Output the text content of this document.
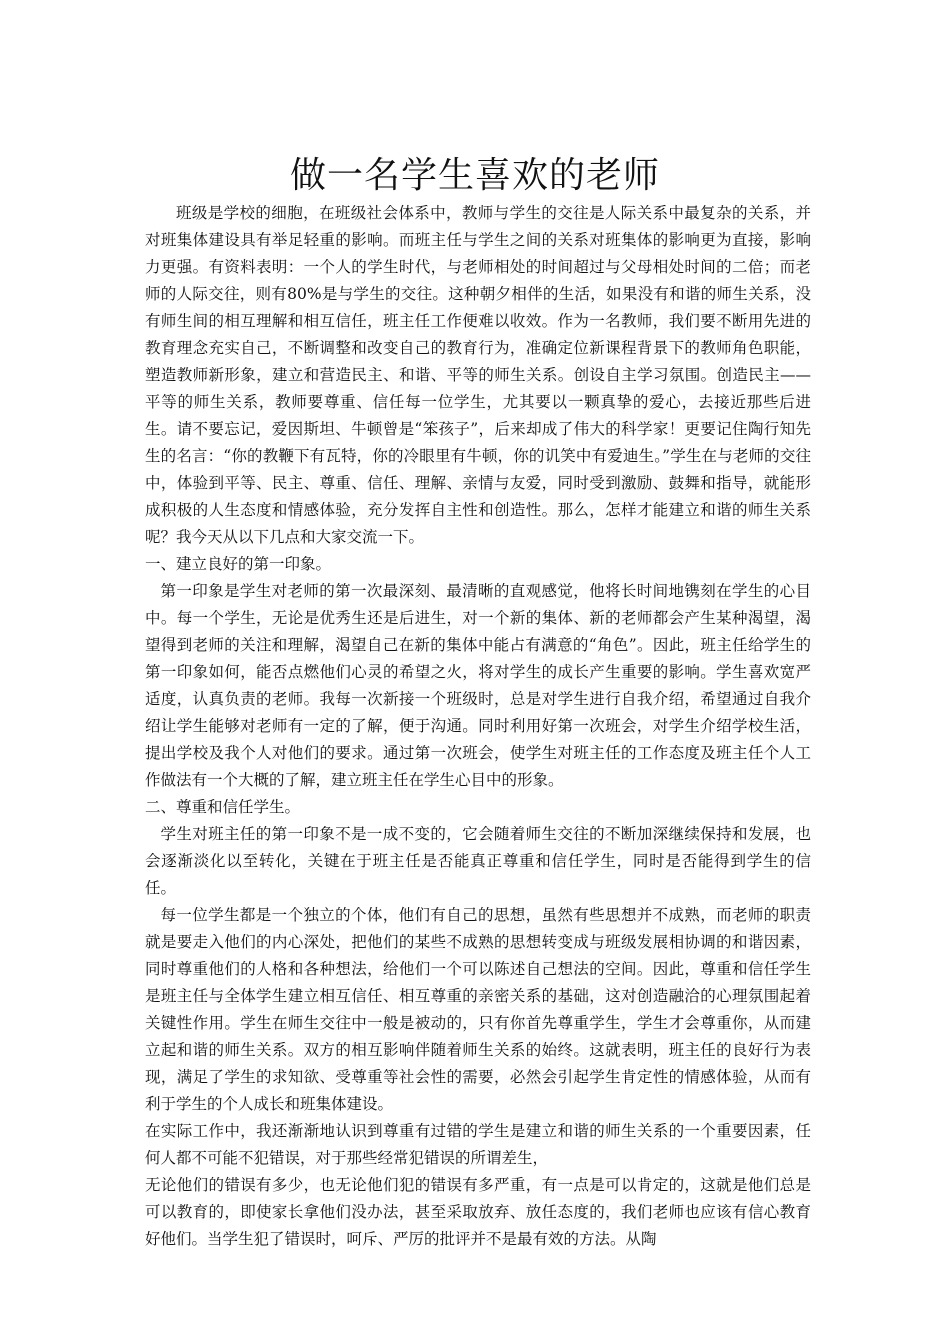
做一名学生喜欢的老师

班级是学校的细胞，在班级社会体系中，教师与学生的交往是人际关系中最复杂的关系，并对班集体建设具有举足轻重的影响。而班主任与学生之间的关系对班集体的影响更为直接，影响力更强。有资料表明：一个人的学生时代，与老师相处的时间超过与父母相处时间的二倍；而老师的人际交往，则有80%是与学生的交往。这种朝夕相伴的生活，如果没有和谐的师生关系，没有师生间的相互理解和相互信任，班主任工作便难以收效。作为一名教师，我们要不断用先进的教育理念充实自己，不断调整和改变自己的教育行为，准确定位新课程背景下的教师角色职能，塑造教师新形象，建立和营造民主、和谐、平等的师生关系。创设自主学习氛围。创造民主——平等的师生关系，教师要尊重、信任每一位学生，尤其要以一颗真挚的爱心，去接近那些后进生。请不要忘记，爱因斯坦、牛顿曾是“笨孩子”，后来却成了伟大的科学家！更要记住陶行知先生的名言：“你的教鞭下有瓦特，你的冷眼里有牛顿，你的讥笑中有爱迪生。”学生在与老师的交往中，体验到平等、民主、尊重、信任、理解、亲情与友爱，同时受到激励、鼓舞和指导，就能形成积极的人生态度和情感体验，充分发挥自主性和创造性。那么，怎样才能建立和谐的师生关系呢？我今天从以下几点和大家交流一下。

一、建立良好的第一印象。

第一印象是学生对老师的第一次最深刻、最清晰的直观感觉，他将长时间地镌刻在学生的心目中。每一个学生，无论是优秀生还是后进生，对一个新的集体、新的老师都会产生某种渴望，渴望得到老师的关注和理解，渴望自己在新的集体中能占有满意的“角色”。因此，班主任给学生的第一印象如何，能否点燃他们心灵的希望之火，将对学生的成长产生重要的影响。学生喜欢宽严适度，认真负责的老师。我每一次新接一个班级时，总是对学生进行自我介绍，希望通过自我介绍让学生能够对老师有一定的了解，便于沟通。同时利用好第一次班会，对学生介绍学校生活，提出学校及我个人对他们的要求。通过第一次班会，使学生对班主任的工作态度及班主任个人工作做法有一个大概的了解，建立班主任在学生心目中的形象。

二、尊重和信任学生。

学生对班主任的第一印象不是一成不变的，它会随着师生交往的不断加深继续保持和发展，也会逐渐淡化以至转化，关键在于班主任是否能真正尊重和信任学生，同时是否能得到学生的信任。

每一位学生都是一个独立的个体，他们有自己的思想，虽然有些思想并不成熟，而老师的职责就是要走入他们的内心深处，把他们的某些不成熟的思想转变成与班级发展相协调的和谐因素，同时尊重他们的人格和各种想法，给他们一个可以陈述自己想法的空间。因此，尊重和信任学生是班主任与全体学生建立相互信任、相互尊重的亲密关系的基础，这对创造融洽的心理氛围起着关键性作用。学生在师生交往中一般是被动的，只有你首先尊重学生，学生才会尊重你，从而建立起和谐的师生关系。双方的相互影响伴随着师生关系的始终。这就表明，班主任的良好行为表现，满足了学生的求知欲、受尊重等社会性的需要，必然会引起学生肯定性的情感体验，从而有利于学生的个人成长和班集体建设。

在实际工作中，我还渐渐地认识到尊重有过错的学生是建立和谐的师生关系的一个重要因素，任何人都不可能不犯错误，对于那些经常犯错误的所谓差生，

无论他们的错误有多少，也无论他们犯的错误有多严重，有一点是可以肯定的，这就是他们总是可以教育的，即使家长拿他们没办法，甚至采取放弃、放任态度的，我们老师也应该有信心教育好他们。当学生犯了错误时，呵斥、严厉的批评并不是最有效的方法。从陶
